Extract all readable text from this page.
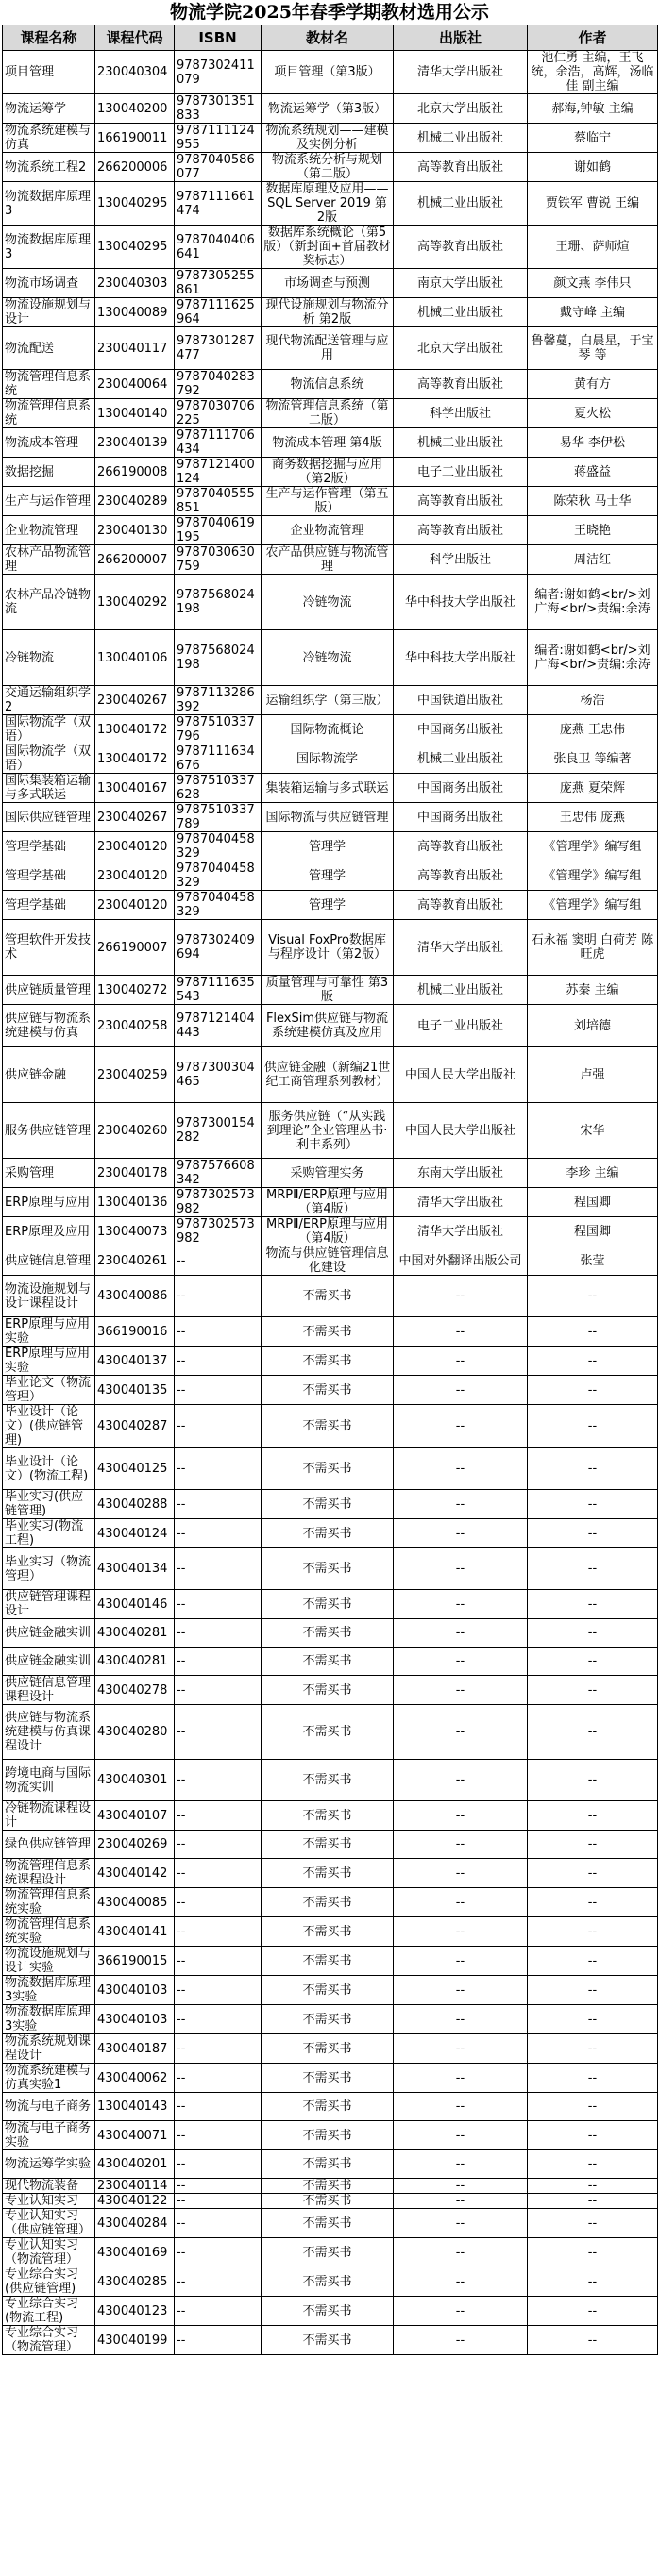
物流学院2025年春季学期教材选用公示
课程名称	课程代码	ISBN	教材名	出版社	作者
项目管理	230040304	9787302411079	项目管理（第3版）	清华大学出版社	池仁勇 主编，王飞统，余浩，高辉，汤临佳 副主编
物流运筹学	130040200	9787301351833	物流运筹学（第3版）	北京大学出版社	郝海,钟敏 主编
物流系统建模与仿真	166190011	9787111124955	物流系统规划——建模及实例分析	机械工业出版社	蔡临宁
物流系统工程2	266200006	9787040586077	物流系统分析与规划（第二版）	高等教育出版社	谢如鹤
物流数据库原理3	130040295	9787111661474	数据库原理及应用——SQL Server 2019 第2版	机械工业出版社	贾铁军 曹锐 王编
物流数据库原理3	130040295	9787040406641	数据库系统概论（第5版）（新封面+首届教材奖标志）	高等教育出版社	王珊、萨师煊
物流市场调查	230040303	9787305255861	市场调查与预测	南京大学出版社	颜文燕 李伟只
物流设施规划与设计	130040089	9787111625964	现代设施规划与物流分析 第2版	机械工业出版社	戴守峰 主编
物流配送	230040117	9787301287477	现代物流配送管理与应用	北京大学出版社	鲁馨蔓，白晨星，于宝琴 等
物流管理信息系统	230040064	9787040283792	物流信息系统	高等教育出版社	黄有方
物流管理信息系统	130040140	9787030706225	物流管理信息系统（第二版）	科学出版社	夏火松
物流成本管理	230040139	9787111706434	物流成本管理 第4版	机械工业出版社	易华 李伊松
数据挖掘	266190008	9787121400124	商务数据挖掘与应用（第2版）	电子工业出版社	蒋盛益
生产与运作管理	230040289	9787040555851	生产与运作管理（第五版）	高等教育出版社	陈荣秋 马士华
企业物流管理	230040130	9787040619195	企业物流管理	高等教育出版社	王晓艳
农林产品物流管理	266200007	9787030630759	农产品供应链与物流管理	科学出版社	周洁红
农林产品冷链物流	130040292	9787568024198	冷链物流	华中科技大学出版社	编者:谢如鹤<br/>刘广海<br/>责编:余涛
冷链物流	130040106	9787568024198	冷链物流	华中科技大学出版社	编者:谢如鹤<br/>刘广海<br/>责编:余涛
交通运输组织学2	230040267	9787113286392	运输组织学（第三版）	中国铁道出版社	杨浩
国际物流学（双语）	130040172	9787510337796	国际物流概论	中国商务出版社	庞燕 王忠伟
国际物流学（双语）	130040172	9787111634676	国际物流学	机械工业出版社	张良卫 等编著
国际集装箱运输与多式联运	130040167	9787510337628	集装箱运输与多式联运	中国商务出版社	庞燕 夏荣辉
国际供应链管理	230040267	9787510337789	国际物流与供应链管理	中国商务出版社	王忠伟 庞燕
管理学基础	230040120	9787040458329	管理学	高等教育出版社	《管理学》编写组
管理学基础	230040120	9787040458329	管理学	高等教育出版社	《管理学》编写组
管理学基础	230040120	9787040458329	管理学	高等教育出版社	《管理学》编写组
管理软件开发技术	266190007	9787302409694	Visual FoxPro数据库与程序设计（第2版）	清华大学出版社	石永福 窦明 白荷芳 陈旺虎
供应链质量管理	130040272	9787111635543	质量管理与可靠性 第3版	机械工业出版社	苏秦 主编
供应链与物流系统建模与仿真	230040258	9787121404443	FlexSim供应链与物流系统建模仿真及应用	电子工业出版社	刘培德
供应链金融	230040259	9787300304465	供应链金融（新编21世纪工商管理系列教材）	中国人民大学出版社	卢强
服务供应链管理	230040260	9787300154282	服务供应链（“从实践到理论”企业管理丛书·利丰系列）	中国人民大学出版社	宋华
采购管理	230040178	9787576608342	采购管理实务	东南大学出版社	李珍 主编
ERP原理与应用	130040136	9787302573982	MRPⅡ/ERP原理与应用（第4版）	清华大学出版社	程国卿
ERP原理及应用	130040073	9787302573982	MRPⅡ/ERP原理与应用（第4版）	清华大学出版社	程国卿
供应链信息管理	230040261	--	物流与供应链管理信息化建设	中国对外翻译出版公司	张莹
物流设施规划与设计课程设计	430040086	--	不需买书	--	--
ERP原理与应用实验	366190016	--	不需买书	--	--
ERP原理与应用实验	430040137	--	不需买书	--	--
毕业论文（物流管理）	430040135	--	不需买书	--	--
毕业设计（论文）(供应链管理)	430040287	--	不需买书	--	--
毕业设计（论文）(物流工程)	430040125	--	不需买书	--	--
毕业实习(供应链管理)	430040288	--	不需买书	--	--
毕业实习(物流工程)	430040124	--	不需买书	--	--
毕业实习（物流管理）	430040134	--	不需买书	--	--
供应链管理课程设计	430040146	--	不需买书	--	--
供应链金融实训	430040281	--	不需买书	--	--
供应链金融实训	430040281	--	不需买书	--	--
供应链信息管理课程设计	430040278	--	不需买书	--	--
供应链与物流系统建模与仿真课程设计	430040280	--	不需买书	--	--
跨境电商与国际物流实训	430040301	--	不需买书	--	--
冷链物流课程设计	430040107	--	不需买书	--	--
绿色供应链管理	230040269	--	不需买书	--	--
物流管理信息系统课程设计	430040142	--	不需买书	--	--
物流管理信息系统实验	430040085	--	不需买书	--	--
物流管理信息系统实验	430040141	--	不需买书	--	--
物流设施规划与设计实验	366190015	--	不需买书	--	--
物流数据库原理3实验	430040103	--	不需买书	--	--
物流数据库原理3实验	430040103	--	不需买书	--	--
物流系统规划课程设计	430040187	--	不需买书	--	--
物流系统建模与仿真实验1	430040062	--	不需买书	--	--
物流与电子商务	130040143	--	不需买书	--	--
物流与电子商务实验	430040071	--	不需买书	--	--
物流运筹学实验	430040201	--	不需买书	--	--
现代物流装备	230040114	--	不需买书	--	--
专业认知实习	430040122	--	不需买书	--	--
专业认知实习（供应链管理）	430040284	--	不需买书	--	--
专业认知实习（物流管理）	430040169	--	不需买书	--	--
专业综合实习(供应链管理)	430040285	--	不需买书	--	--
专业综合实习(物流工程)	430040123	--	不需买书	--	--
专业综合实习（物流管理）	430040199	--	不需买书	--	--
